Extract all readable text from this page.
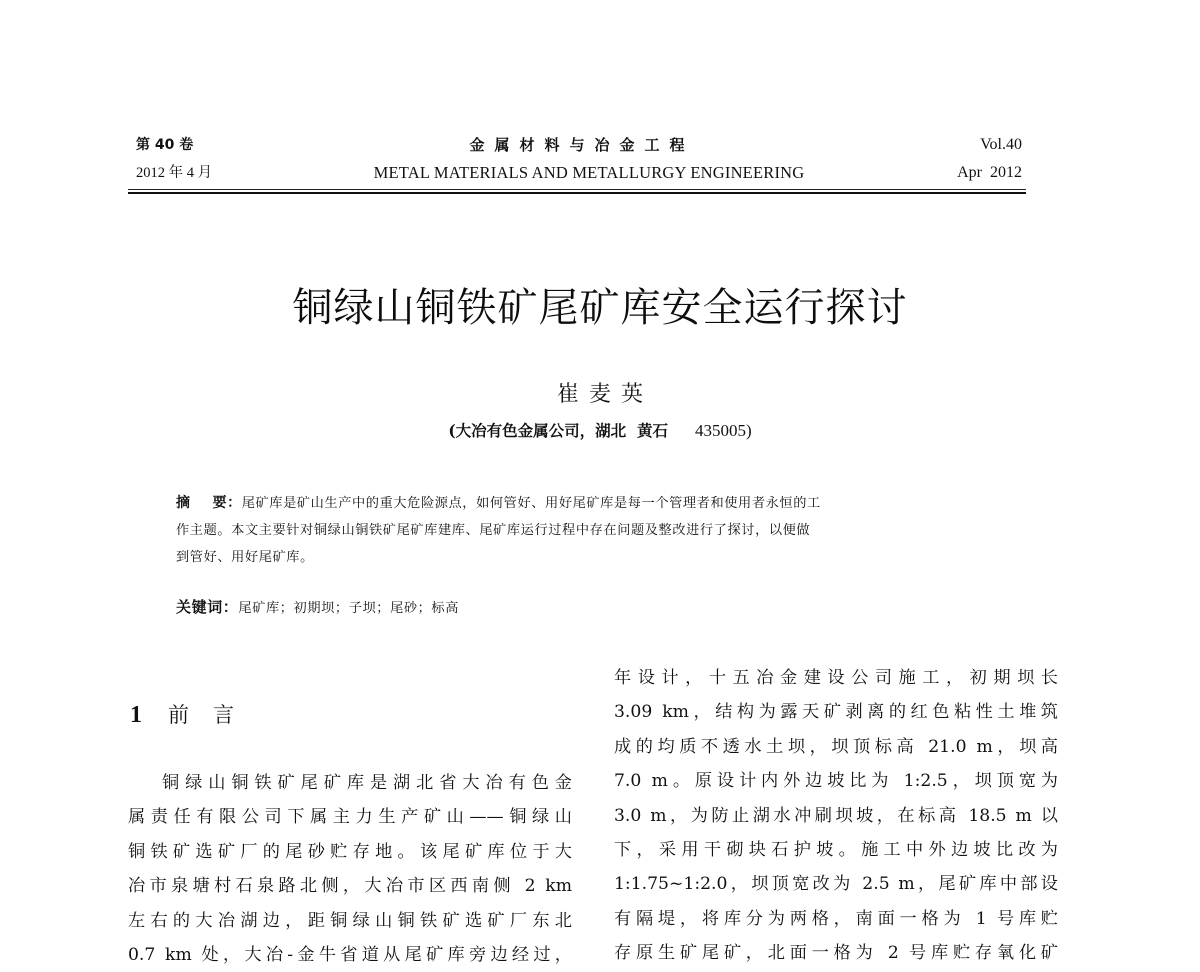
第 40 卷	金属材料与冶金工程	Vol.40
2012 年 4 月	METAL MATERIALS AND METALLURGY ENGINEERING	Apr  2012
铜绿山铜铁矿尾矿库安全运行探讨
崔麦英
(大冶有色金属公司，湖北  黄石 435005)
摘    要：尾矿库是矿山生产中的重大危险源点，如何管好、用好尾矿库是每一个管理者和使用者永恒的工
作主题。本文主要针对铜绿山铜铁矿尾矿库建库、尾矿库运行过程中存在问题及整改进行了探讨，以便做
到管好、用好尾矿库。
关键词：尾矿库；初期坝；子坝；尾砂；标高
1 前言
铜绿山铜铁矿尾矿库是湖北省大冶有色金
属责任有限公司下属主力生产矿山——铜绿山
铜铁矿选矿厂的尾砂贮存地。该尾矿库位于大
冶市泉塘村石泉路北侧，大冶市区西南侧 2 km
左右的大冶湖边，距铜绿山铜铁矿选矿厂东北
0.7 km 处，大冶-金牛省道从尾矿库旁边经过，
年设计，十五冶金建设公司施工，初期坝长
3.09 km，结构为露天矿剥离的红色粘性土堆筑
成的均质不透水土坝，坝顶标高 21.0 m，坝高
7.0 m。原设计内外边坡比为 1:2.5，坝顶宽为
3.0 m，为防止湖水冲刷坝坡，在标高 18.5 m 以
下，采用干砌块石护坡。施工中外边坡比改为
1:1.75~1:2.0，坝顶宽改为 2.5 m，尾矿库中部设
有隔堤，将库分为两格，南面一格为 1 号库贮
存原生矿尾矿，北面一格为 2 号库贮存氧化矿
